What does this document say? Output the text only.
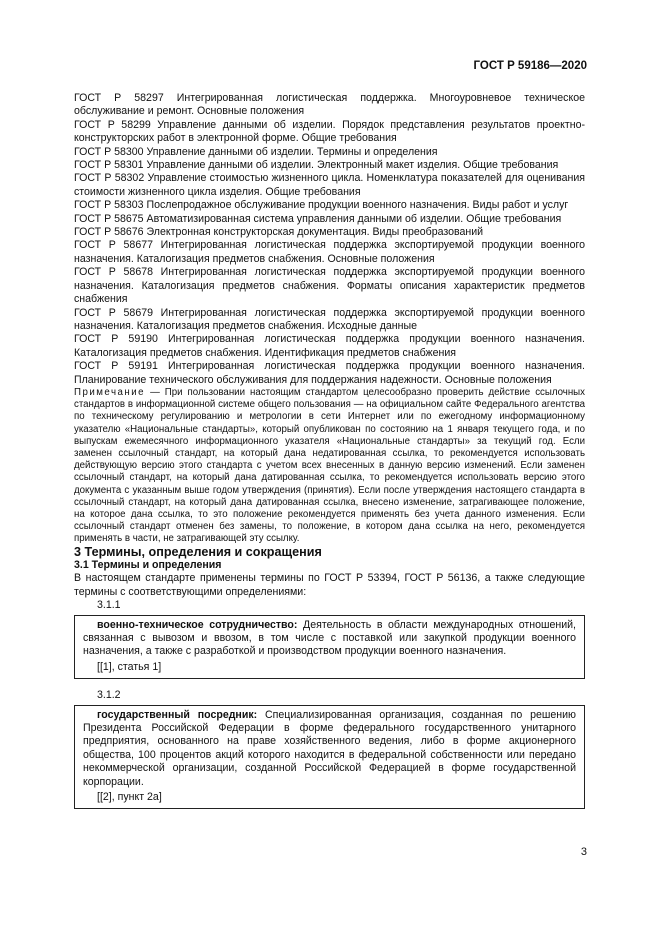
ГОСТ Р 59186—2020

ГОСТ Р 58297 Интегрированная логистическая поддержка. Многоуровневое техническое обслуживание и ремонт. Основные положения

ГОСТ Р 58299 Управление данными об изделии. Порядок представления результатов проектно-конструкторских работ в электронной форме. Общие требования

ГОСТ Р 58300 Управление данными об изделии. Термины и определения

ГОСТ Р 58301 Управление данными об изделии. Электронный макет изделия. Общие требования

ГОСТ Р 58302 Управление стоимостью жизненного цикла. Номенклатура показателей для оценивания стоимости жизненного цикла изделия. Общие требования

ГОСТ Р 58303 Послепродажное обслуживание продукции военного назначения. Виды работ и услуг

ГОСТ Р 58675 Автоматизированная система управления данными об изделии. Общие требования

ГОСТ Р 58676 Электронная конструкторская документация. Виды преобразований

ГОСТ Р 58677 Интегрированная логистическая поддержка экспортируемой продукции военного назначения. Каталогизация предметов снабжения. Основные положения

ГОСТ Р 58678 Интегрированная логистическая поддержка экспортируемой продукции военного назначения. Каталогизация предметов снабжения. Форматы описания характеристик предметов снабжения

ГОСТ Р 58679 Интегрированная логистическая поддержка экспортируемой продукции военного назначения. Каталогизация предметов снабжения. Исходные данные

ГОСТ Р 59190 Интегрированная логистическая поддержка продукции военного назначения. Каталогизация предметов снабжения. Идентификация предметов снабжения

ГОСТ Р 59191 Интегрированная логистическая поддержка продукции военного назначения. Планирование технического обслуживания для поддержания надежности. Основные положения

Примечание — При пользовании настоящим стандартом целесообразно проверить действие ссылочных стандартов в информационной системе общего пользования — на официальном сайте Федерального агентства по техническому регулированию и метрологии в сети Интернет или по ежегодному информационному указателю «Национальные стандарты», который опубликован по состоянию на 1 января текущего года, и по выпускам ежемесячного информационного указателя «Национальные стандарты» за текущий год. Если заменен ссылочный стандарт, на который дана недатированная ссылка, то рекомендуется использовать действующую версию этого стандарта с учетом всех внесенных в данную версию изменений. Если заменен ссылочный стандарт, на который дана датированная ссылка, то рекомендуется использовать версию этого документа с указанным выше годом утверждения (принятия). Если после утверждения настоящего стандарта в ссылочный стандарт, на который дана датированная ссылка, внесено изменение, затрагивающее положение, на которое дана ссылка, то это положение рекомендуется применять без учета данного изменения. Если ссылочный стандарт отменен без замены, то положение, в котором дана ссылка на него, рекомендуется применять в части, не затрагивающей эту ссылку.

3 Термины, определения и сокращения

3.1 Термины и определения

В настоящем стандарте применены термины по ГОСТ Р 53394, ГОСТ Р 56136, а также следующие термины с соответствующими определениями:

3.1.1

военно-техническое сотрудничество: Деятельность в области международных отношений, связанная с вывозом и ввозом, в том числе с поставкой или закупкой продукции военного назначения, а также с разработкой и производством продукции военного назначения.

[[1], статья 1]

3.1.2

государственный посредник: Специализированная организация, созданная по решению Президента Российской Федерации в форме федерального государственного унитарного предприятия, основанного на праве хозяйственного ведения, либо в форме акционерного общества, 100 процентов акций которого находится в федеральной собственности или передано некоммерческой организации, созданной Российской Федерацией в форме государственной корпорации.

[[2], пункт 2а]

3
